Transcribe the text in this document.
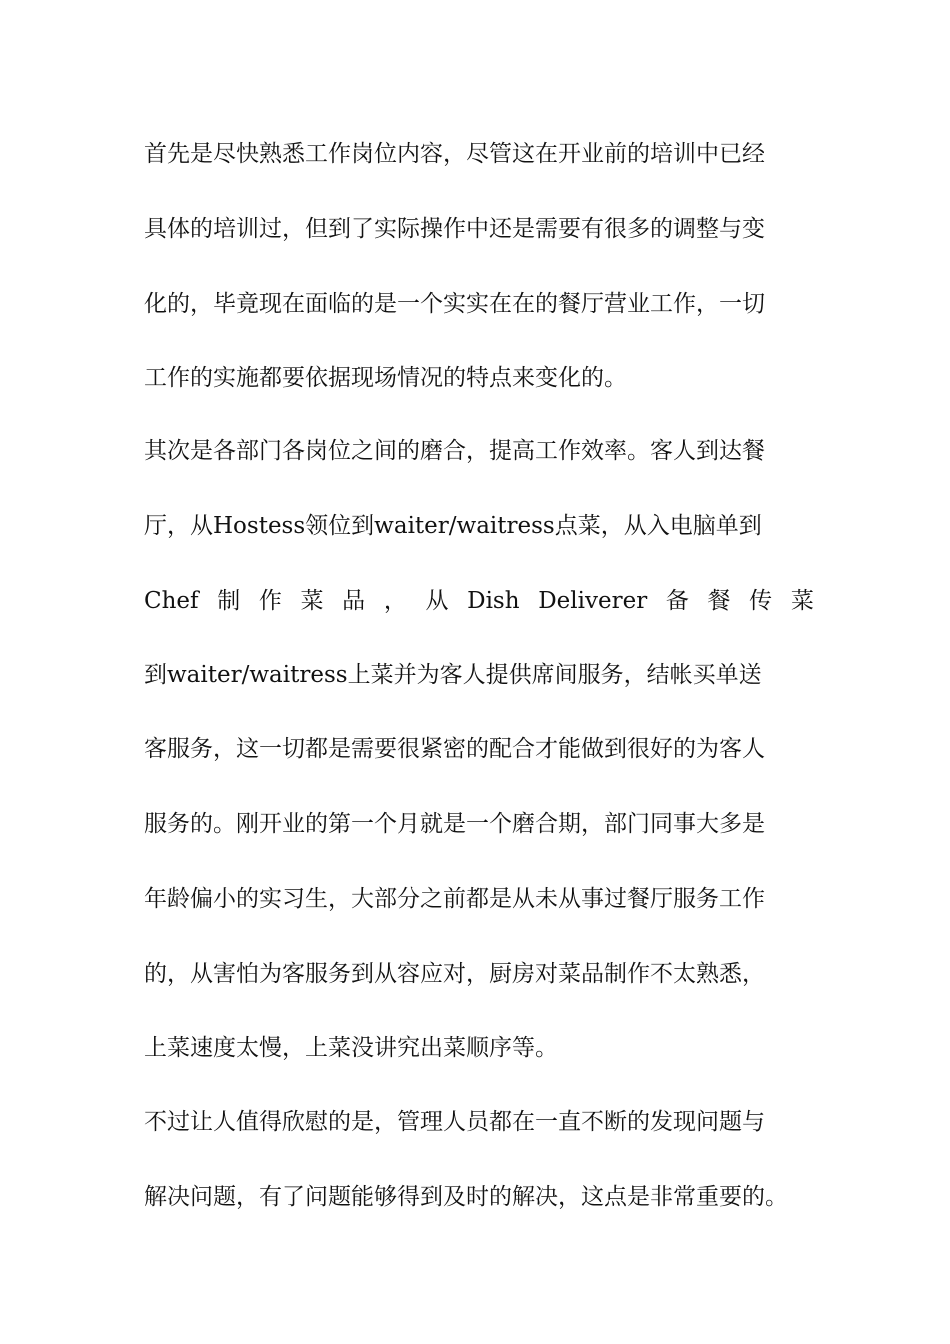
首先是尽快熟悉工作岗位内容，尽管这在开业前的培训中已经
具体的培训过，但到了实际操作中还是需要有很多的调整与变
化的，毕竟现在面临的是一个实实在在的餐厅营业工作，一切
工作的实施都要依据现场情况的特点来变化的。
其次是各部门各岗位之间的磨合，提高工作效率。客人到达餐
厅，从Hostess领位到waiter/waitress点菜，从入电脑单到
Chef 制 作 菜 品 ， 从 Dish Deliverer 备 餐 传 菜
到waiter/waitress上菜并为客人提供席间服务，结帐买单送
客服务，这一切都是需要很紧密的配合才能做到很好的为客人
服务的。刚开业的第一个月就是一个磨合期，部门同事大多是
年龄偏小的实习生，大部分之前都是从未从事过餐厅服务工作
的，从害怕为客服务到从容应对，厨房对菜品制作不太熟悉，
上菜速度太慢，上菜没讲究出菜顺序等。
不过让人值得欣慰的是，管理人员都在一直不断的发现问题与
解决问题，有了问题能够得到及时的解决，这点是非常重要的。
